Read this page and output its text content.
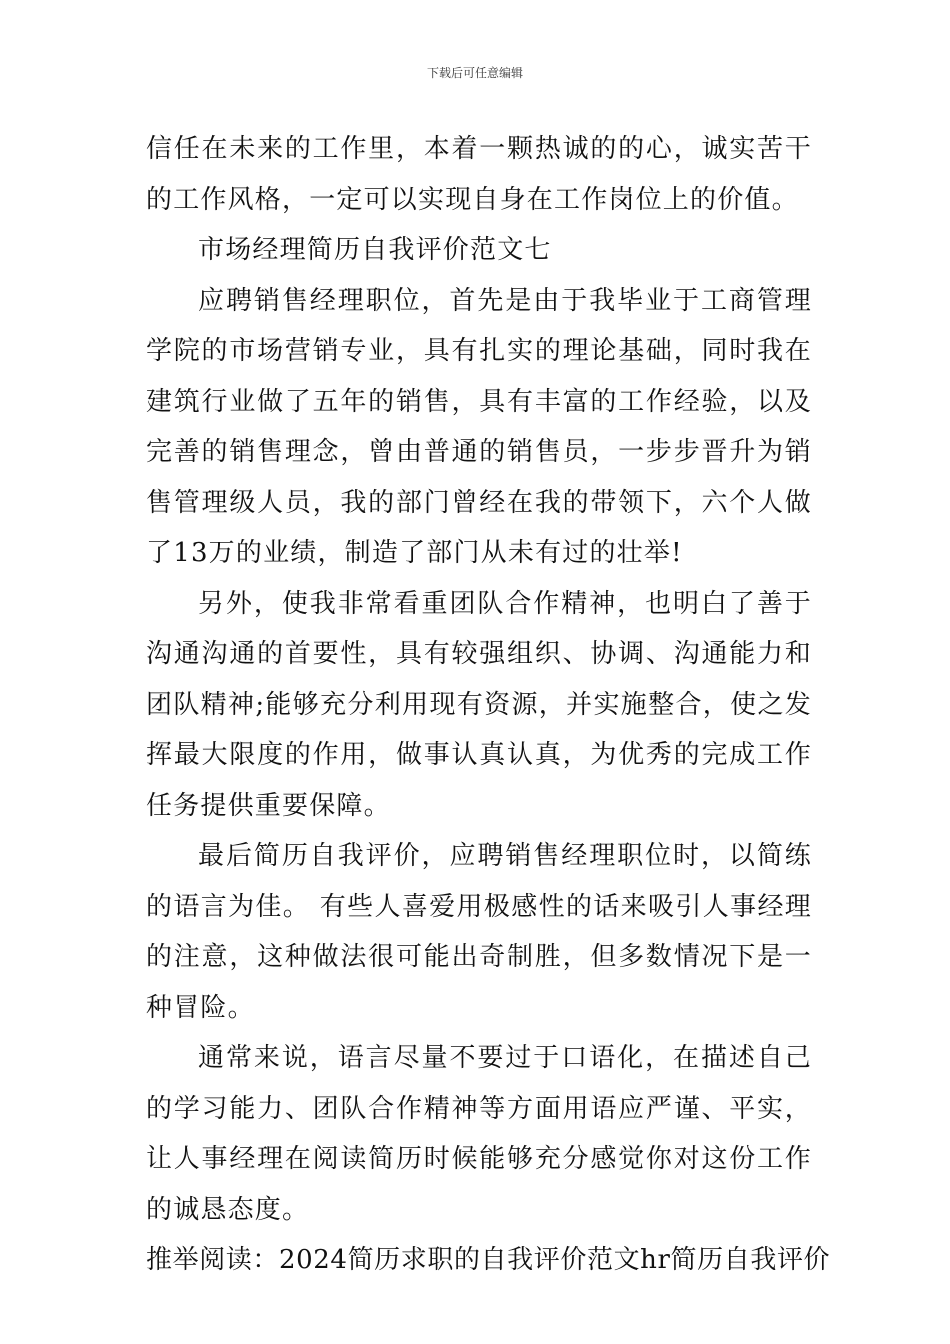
下载后可任意编辑

信任在未来的工作里，本着一颗热诚的的心，诚实苦干的工作风格，一定可以实现自身在工作岗位上的价值。

市场经理简历自我评价范文七

应聘销售经理职位，首先是由于我毕业于工商管理学院的市场营销专业，具有扎实的理论基础，同时我在建筑行业做了五年的销售，具有丰富的工作经验，以及完善的销售理念，曾由普通的销售员，一步步晋升为销售管理级人员，我的部门曾经在我的带领下，六个人做了13万的业绩，制造了部门从未有过的壮举!

另外，使我非常看重团队合作精神，也明白了善于沟通沟通的首要性，具有较强组织、协调、沟通能力和团队精神;能够充分利用现有资源，并实施整合，使之发挥最大限度的作用，做事认真认真，为优秀的完成工作任务提供重要保障。

最后简历自我评价，应聘销售经理职位时，以简练的语言为佳。 有些人喜爱用极感性的话来吸引人事经理的注意，这种做法很可能出奇制胜，但多数情况下是一种冒险。

通常来说，语言尽量不要过于口语化，在描述自己的学习能力、团队合作精神等方面用语应严谨、平实，让人事经理在阅读简历时候能够充分感觉你对这份工作的诚恳态度。

推举阅读：2024简历求职的自我评价范文hr简历自我评价
